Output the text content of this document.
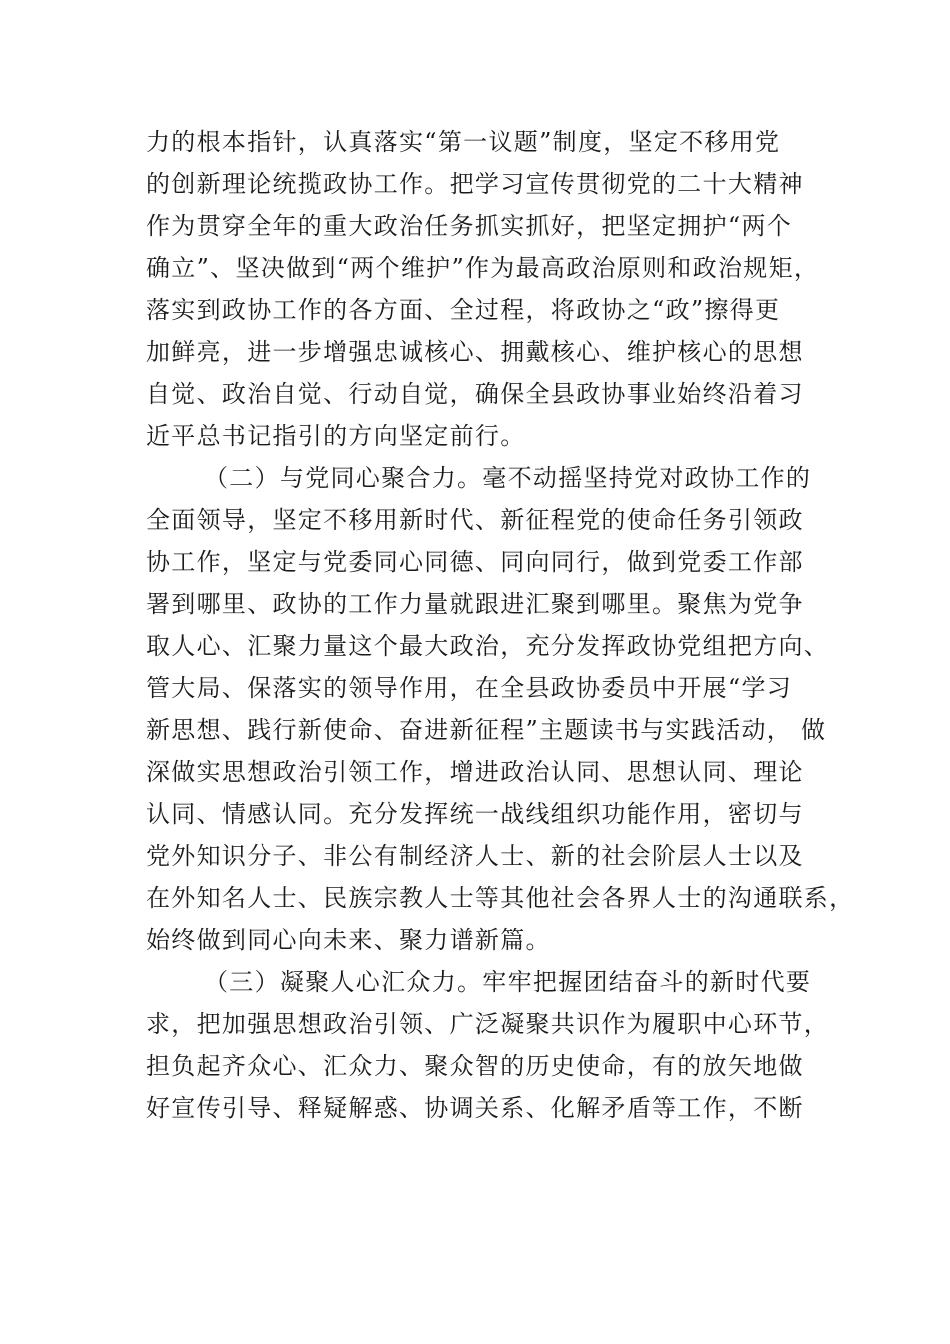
力的根本指针，认真落实“第一议题”制度，坚定不移用党
的创新理论统揽政协工作。把学习宣传贯彻党的二十大精神
作为贯穿全年的重大政治任务抓实抓好，把坚定拥护“两个
确立”、坚决做到“两个维护”作为最高政治原则和政治规矩，
落实到政协工作的各方面、全过程，将政协之“政”擦得更
加鲜亮，进一步增强忠诚核心、拥戴核心、维护核心的思想
自觉、政治自觉、行动自觉，确保全县政协事业始终沿着习
近平总书记指引的方向坚定前行。
（二）与党同心聚合力。毫不动摇坚持党对政协工作的
全面领导，坚定不移用新时代、新征程党的使命任务引领政
协工作，坚定与党委同心同德、同向同行，做到党委工作部
署到哪里、政协的工作力量就跟进汇聚到哪里。聚焦为党争
取人心、汇聚力量这个最大政治，充分发挥政协党组把方向、
管大局、保落实的领导作用，在全县政协委员中开展“学习
新思想、践行新使命、奋进新征程”主题读书与实践活动， 做
深做实思想政治引领工作，增进政治认同、思想认同、理论
认同、情感认同。充分发挥统一战线组织功能作用，密切与
党外知识分子、非公有制经济人士、新的社会阶层人士以及
在外知名人士、民族宗教人士等其他社会各界人士的沟通联系，
始终做到同心向未来、聚力谱新篇。
（三）凝聚人心汇众力。牢牢把握团结奋斗的新时代要
求，把加强思想政治引领、广泛凝聚共识作为履职中心环节，
担负起齐众心、汇众力、聚众智的历史使命，有的放矢地做
好宣传引导、释疑解惑、协调关系、化解矛盾等工作，不断
